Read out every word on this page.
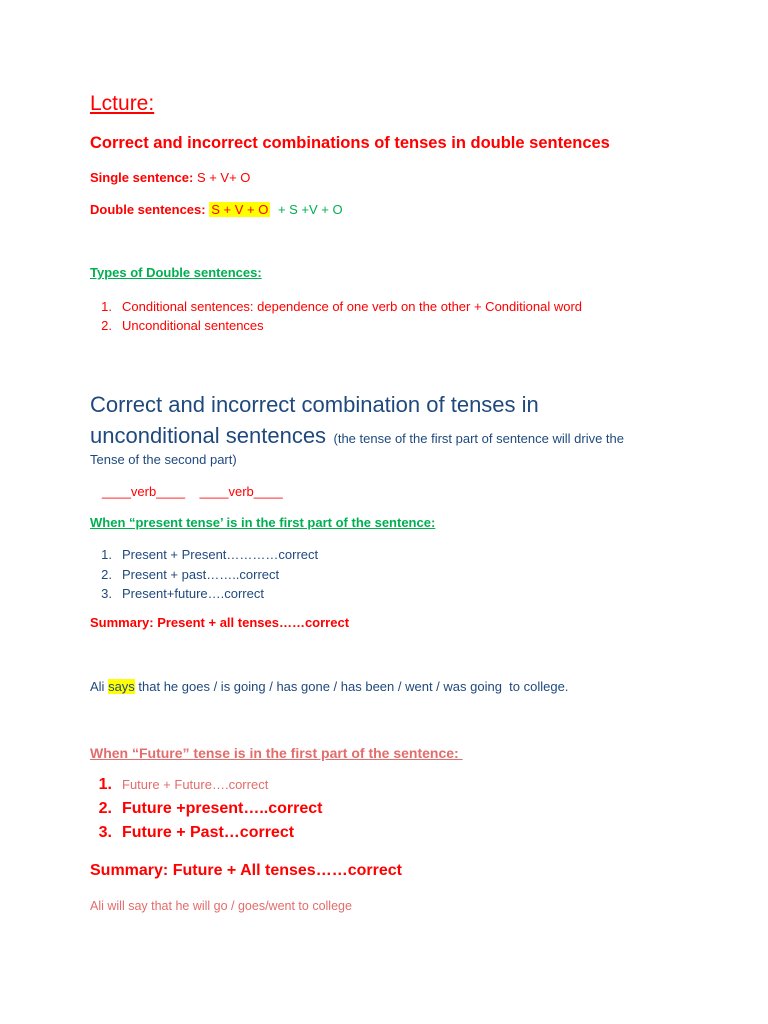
Lcture:
Correct and incorrect combinations of tenses in double sentences
Single sentence: S + V+ O
Double sentences: S + V + O + S +V + O
Types of Double sentences:
1. Conditional sentences: dependence of one verb on the other + Conditional word
2. Unconditional sentences
Correct and incorrect combination of tenses in
unconditional sentences (the tense of the first part of sentence will drive the
Tense of the second part)
____verb____    ____verb____
When “present tense’ is in the first part of the sentence:
1. Present + Present…………correct
2. Present + past……..correct
3. Present+future….correct
Summary: Present + all tenses……correct
Ali says that he goes / is going / has gone / has been / went / was going  to college.
When “Future” tense is in the first part of the sentence:
1. Future + Future….correct
2. Future +present…..correct
3. Future + Past…correct
Summary: Future + All tenses……correct
Ali will say that he will go / goes/went to college
